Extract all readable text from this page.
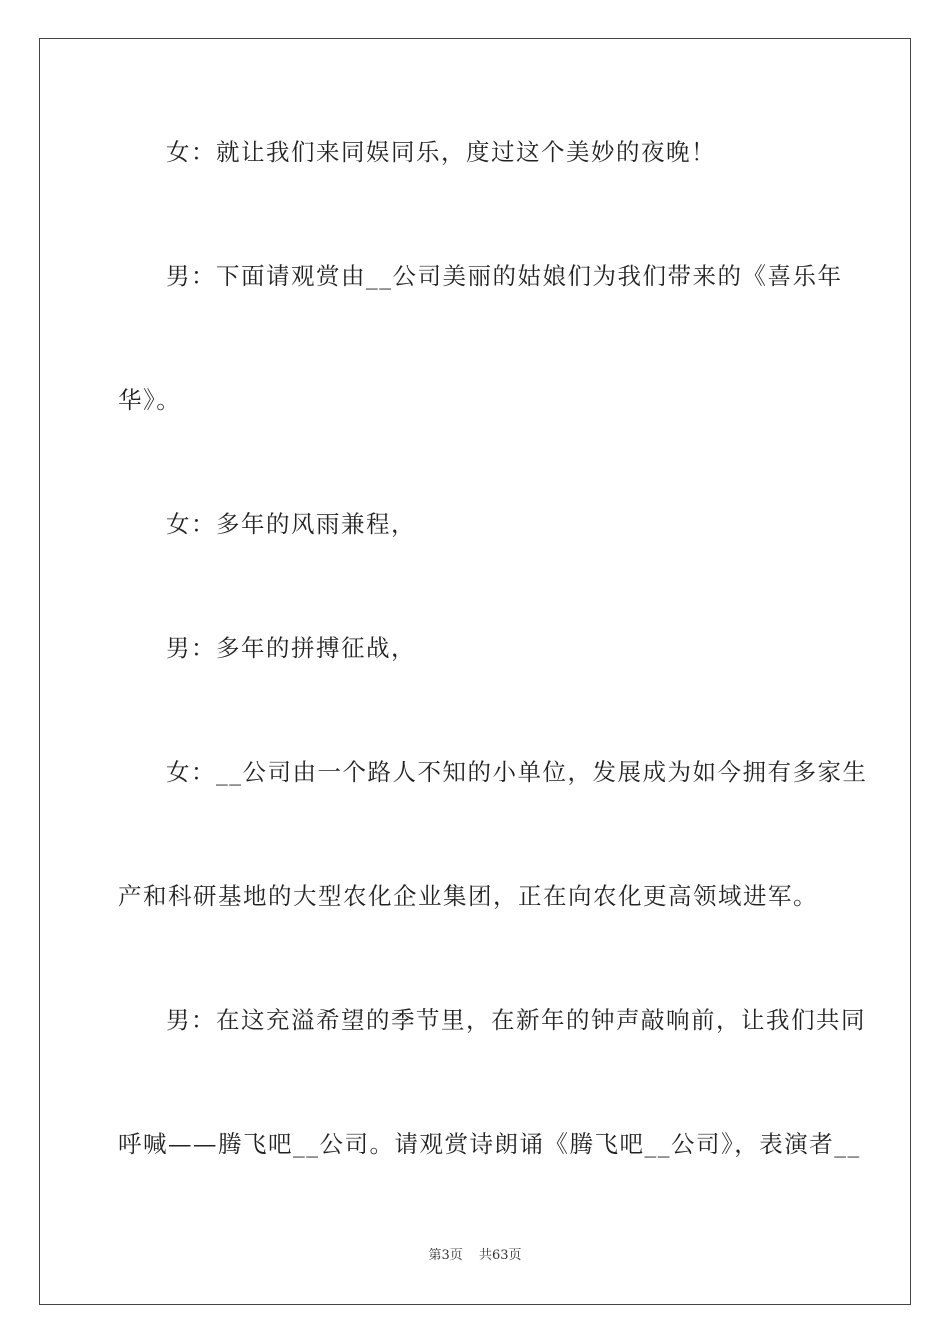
女：就让我们来同娱同乐，度过这个美妙的夜晚！
男：下面请观赏由__公司美丽的姑娘们为我们带来的《喜乐年
华》。
女：多年的风雨兼程，
男：多年的拼搏征战，
女：__公司由一个路人不知的小单位，发展成为如今拥有多家生
产和科研基地的大型农化企业集团，正在向农化更高领域进军。
男：在这充溢希望的季节里，在新年的钟声敲响前，让我们共同
呼喊——腾飞吧__公司。请观赏诗朗诵《腾飞吧__公司》，表演者__
第3页 共63页
